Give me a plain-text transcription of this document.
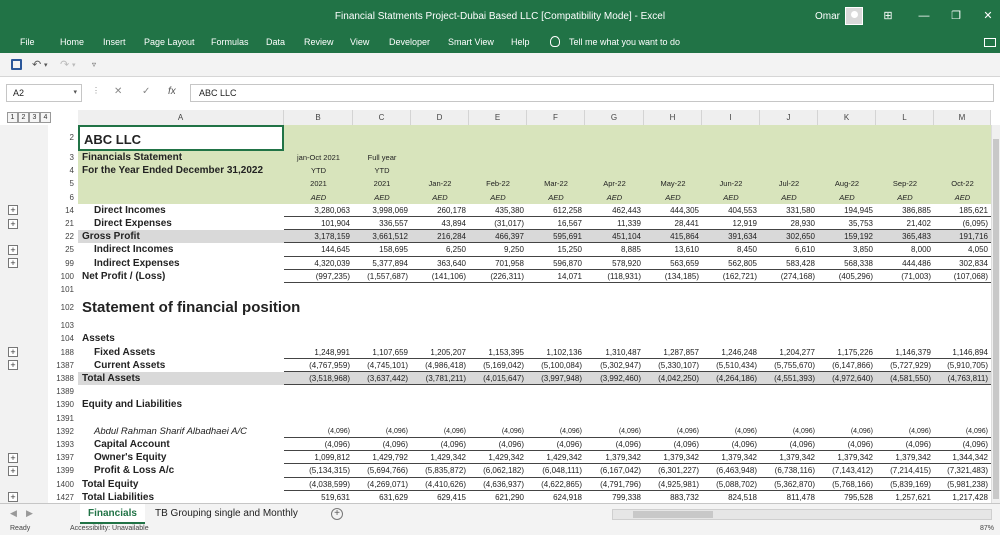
Financial Statments Project-Dubai Based LLC [Compatibility Mode] - Excel	Omar	⊞	—	❐	✕
File	Home Insert Page Layout Formulas Data Review View Developer Smart View Help	Tell me what you want to do
↶ ▾ ↷ ▾ ▿
A2	▾ ⋮ ✕ ✓ fx	ABC LLC
1 2 3 4	A	B	C	D	E	F	G	H	I	J	K	L	M
2 ABC LLC
3 Financials Statement	jan-Oct 2021	Full year
4 For the Year Ended December 31,2022	YTD	YTD
5	2021	2021	Jan-22	Feb-22	Mar-22	Apr-22	May-22	Jun-22	Jul-22	Aug-22	Sep-22	Oct-22
6	AED	AED	AED	AED	AED	AED	AED	AED	AED	AED	AED	AED
14
+	Direct Incomes	3,280,063	3,998,069	260,178	435,380	612,258	462,443	444,305	404,553	331,580	194,945	386,885	185,621
21
+	Direct Expenses	101,904	336,557	43,894	(31,017)	16,567	11,339	28,441	12,919	28,930	35,753	21,402	(6,095)
22 Gross Profit	3,178,159	3,661,512	216,284	466,397	595,691	451,104	415,864	391,634	302,650	159,192	365,483	191,716
25
+	Indirect Incomes	144,645	158,695	6,250	9,250	15,250	8,885	13,610	8,450	6,610	3,850	8,000	4,050
99
+	Indirect Expenses	4,320,039	5,377,894	363,640	701,958	596,870	578,920	563,659	562,805	583,428	568,338	444,486	302,834
100 Net Profit / (Loss)	(997,235)	(1,557,687)	(141,106)	(226,311)	14,071	(118,931)	(134,185)	(162,721)	(274,168)	(405,296)	(71,003)	(107,068)
101
102 Statement of financial position
103
104 Assets
188
+	Fixed Assets	1,248,991	1,107,659	1,205,207	1,153,395	1,102,136	1,310,487	1,287,857	1,246,248	1,204,277	1,175,226	1,146,379	1,146,894
1387
+	Current Assets	(4,767,959)	(4,745,101)	(4,986,418)	(5,169,042)	(5,100,084)	(5,302,947)	(5,330,107)	(5,510,434)	(5,755,670)	(6,147,866)	(5,727,929)	(5,910,705)
1388 Total Assets	(3,518,968)	(3,637,442)	(3,781,211)	(4,015,647)	(3,997,948)	(3,992,460)	(4,042,250)	(4,264,186)	(4,551,393)	(4,972,640)	(4,581,550)	(4,763,811)
1389
1390 Equity and Liabilities
1391
1392	Abdul Rahman Sharif Albadhaei A/C	(4,096)	(4,096)	(4,096)	(4,096)	(4,096)	(4,096)	(4,096)	(4,096)	(4,096)	(4,096)	(4,096)	(4,096)
1393	Capital Account	(4,096)	(4,096)	(4,096)	(4,096)	(4,096)	(4,096)	(4,096)	(4,096)	(4,096)	(4,096)	(4,096)	(4,096)
1397
+	Owner's Equity	1,099,812	1,429,792	1,429,342	1,429,342	1,429,342	1,379,342	1,379,342	1,379,342	1,379,342	1,379,342	1,379,342	1,344,342
1399
+	Profit & Loss A/c	(5,134,315)	(5,694,766)	(5,835,872)	(6,062,182)	(6,048,111)	(6,167,042)	(6,301,227)	(6,463,948)	(6,738,116)	(7,143,412)	(7,214,415)	(7,321,483)
1400 Total Equity	(4,038,599)	(4,269,071)	(4,410,626)	(4,636,937)	(4,622,865)	(4,791,796)	(4,925,981)	(5,088,702)	(5,362,870)	(5,768,166)	(5,839,169)	(5,981,238)
1427
+	Total Liabilities	519,631	631,629	629,415	621,290	624,918	799,338	883,732	824,518	811,478	795,528	1,257,621	1,217,428
◀ ▶	Financials	TB Grouping single and Monthly	+
Ready	Accessibility: Unavailable	87%
